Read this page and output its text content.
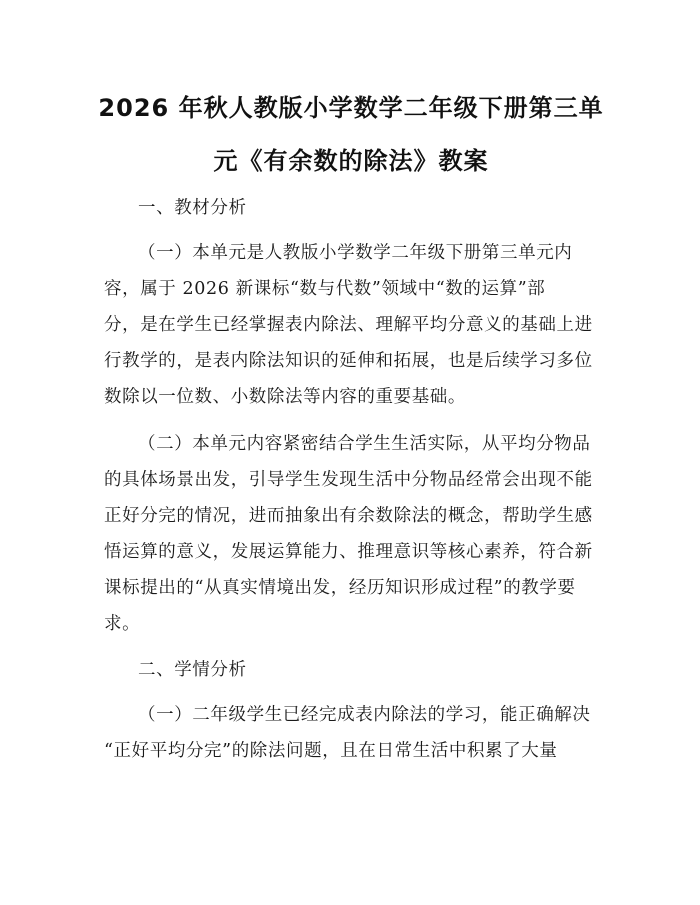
2026 年秋人教版小学数学二年级下册第三单
元《有余数的除法》教案
一、教材分析
（一）本单元是人教版小学数学二年级下册第三单元内
容，属于 2026 新课标“数与代数”领域中“数的运算”部
分，是在学生已经掌握表内除法、理解平均分意义的基础上进
行教学的，是表内除法知识的延伸和拓展，也是后续学习多位
数除以一位数、小数除法等内容的重要基础。
（二）本单元内容紧密结合学生生活实际，从平均分物品
的具体场景出发，引导学生发现生活中分物品经常会出现不能
正好分完的情况，进而抽象出有余数除法的概念，帮助学生感
悟运算的意义，发展运算能力、推理意识等核心素养，符合新
课标提出的“从真实情境出发，经历知识形成过程”的教学要
求。
二、学情分析
（一）二年级学生已经完成表内除法的学习，能正确解决
“正好平均分完”的除法问题，且在日常生活中积累了大量
